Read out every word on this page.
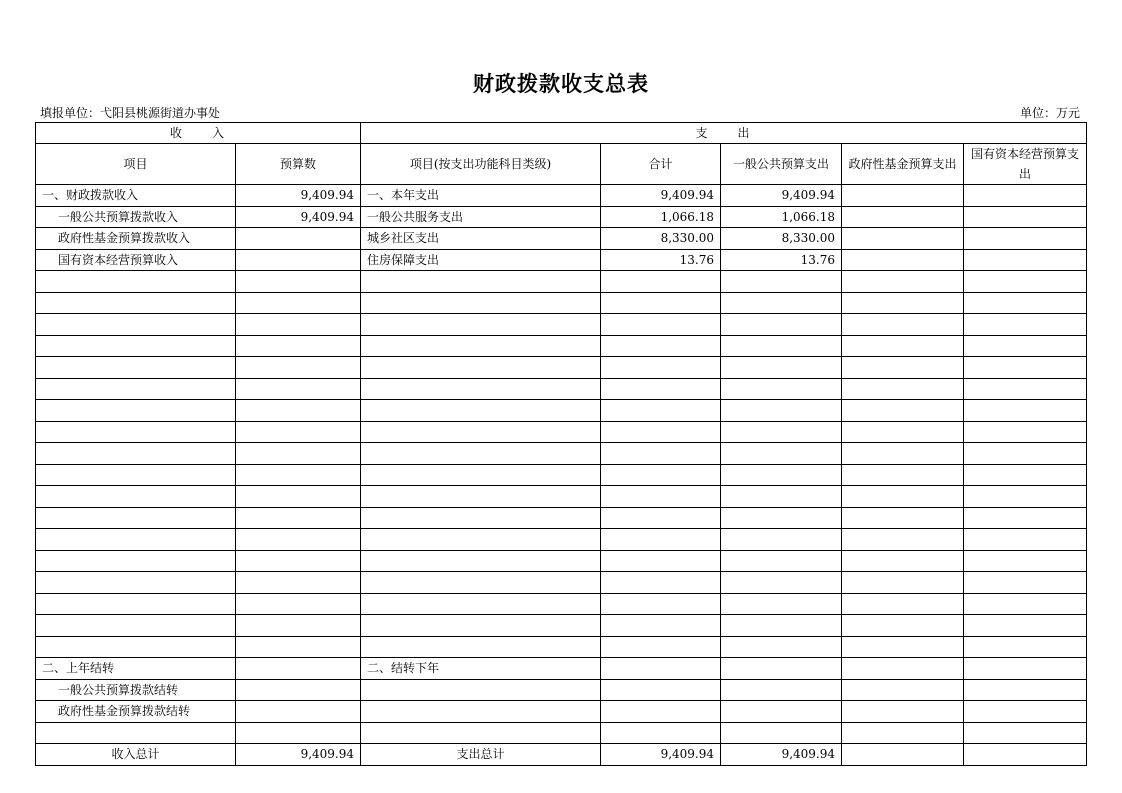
财政拨款收支总表
填报单位：弋阳县桃源街道办事处	单位：万元
收　　入		支　　出				
项目	预算数	项目(按支出功能科目类级)	合计	一般公共预算支出	政府性基金预算支出	国有资本经营预算支出
一、财政拨款收入	9,409.94	一、本年支出	9,409.94	9,409.94		
一般公共预算拨款收入	9,409.94	一般公共服务支出	1,066.18	1,066.18		
政府性基金预算拨款收入		城乡社区支出	8,330.00	8,330.00		
国有资本经营预算收入		住房保障支出	13.76	13.76		

二、上年结转		二、结转下年				
一般公共预算拨款结转						
政府性基金预算拨款结转						

收入总计	9,409.94	支出总计	9,409.94	9,409.94		
